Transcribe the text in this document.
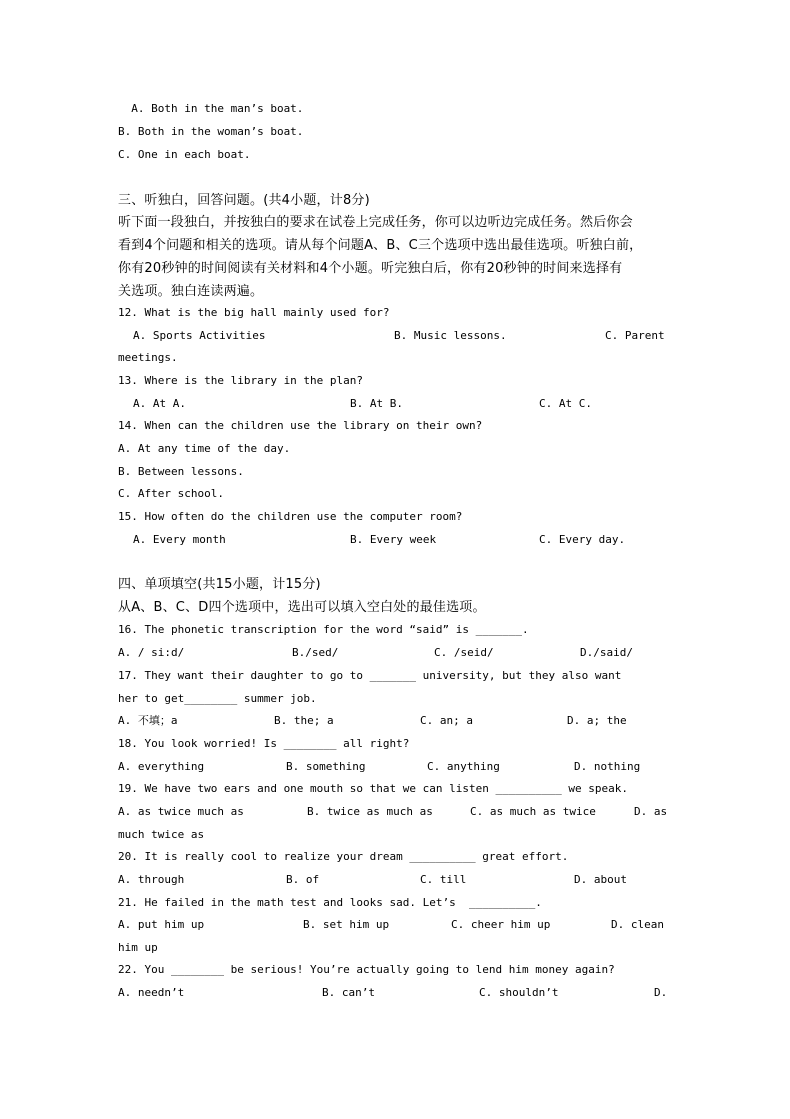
A. Both in the man’s boat.
B. Both in the woman’s boat.
C. One in each boat.
三、听独白，回答问题。(共4小题，计8分)
听下面一段独白，并按独白的要求在试卷上完成任务，你可以边听边完成任务。然后你会
看到4个问题和相关的选项。请从每个问题A、B、C三个选项中选出最佳选项。听独白前，
你有20秒钟的时间阅读有关材料和4个小题。听完独白后，你有20秒钟的时间来选择有
关选项。独白连读两遍。
12. What is the big hall mainly used for?

A. Sports Activities

	B. Music lessons.

	C. Parent

meetings.
13. Where is the library in the plan?

A. At A.

	B. At B.

	C. At C.

14. When can the children use the library on their own?
A. At any time of the day.
B. Between lessons.
C. After school.
15. How often do the children use the computer room?

A. Every month

	B. Every week

	C. Every day.

四、单项填空(共15小题，计15分)
从A、B、C、D四个选项中，选出可以填入空白处的最佳选项。
16. The phonetic transcription for the word “said” is _______.

A. / si:d/

	B./sed/

	C. /seid/

	D./said/

17. They want their daughter to go to _______ university, but they also want
her to get________ summer job.

A. 不填；a

	B. the; a

	C. an; a

	D. a; the

18. You look worried! Is ________ all right?

A. everything

	B. something

	C. anything

	D. nothing

19. We have two ears and one mouth so that we can listen __________ we speak.

A. as twice much as

	B. twice as much as

	C. as much as twice

	D. as

much twice as
20. It is really cool to realize your dream __________ great effort.

A. through

	B. of

	C. till

	D. about

21. He failed in the math test and looks sad. Let’s  __________.

A. put him up

	B. set him up

	C. cheer him up

	D. clean

him up
22. You ________ be serious! You’re actually going to lend him money again?

A. needn’t

	B. can’t

	C. shouldn’t

	D.
